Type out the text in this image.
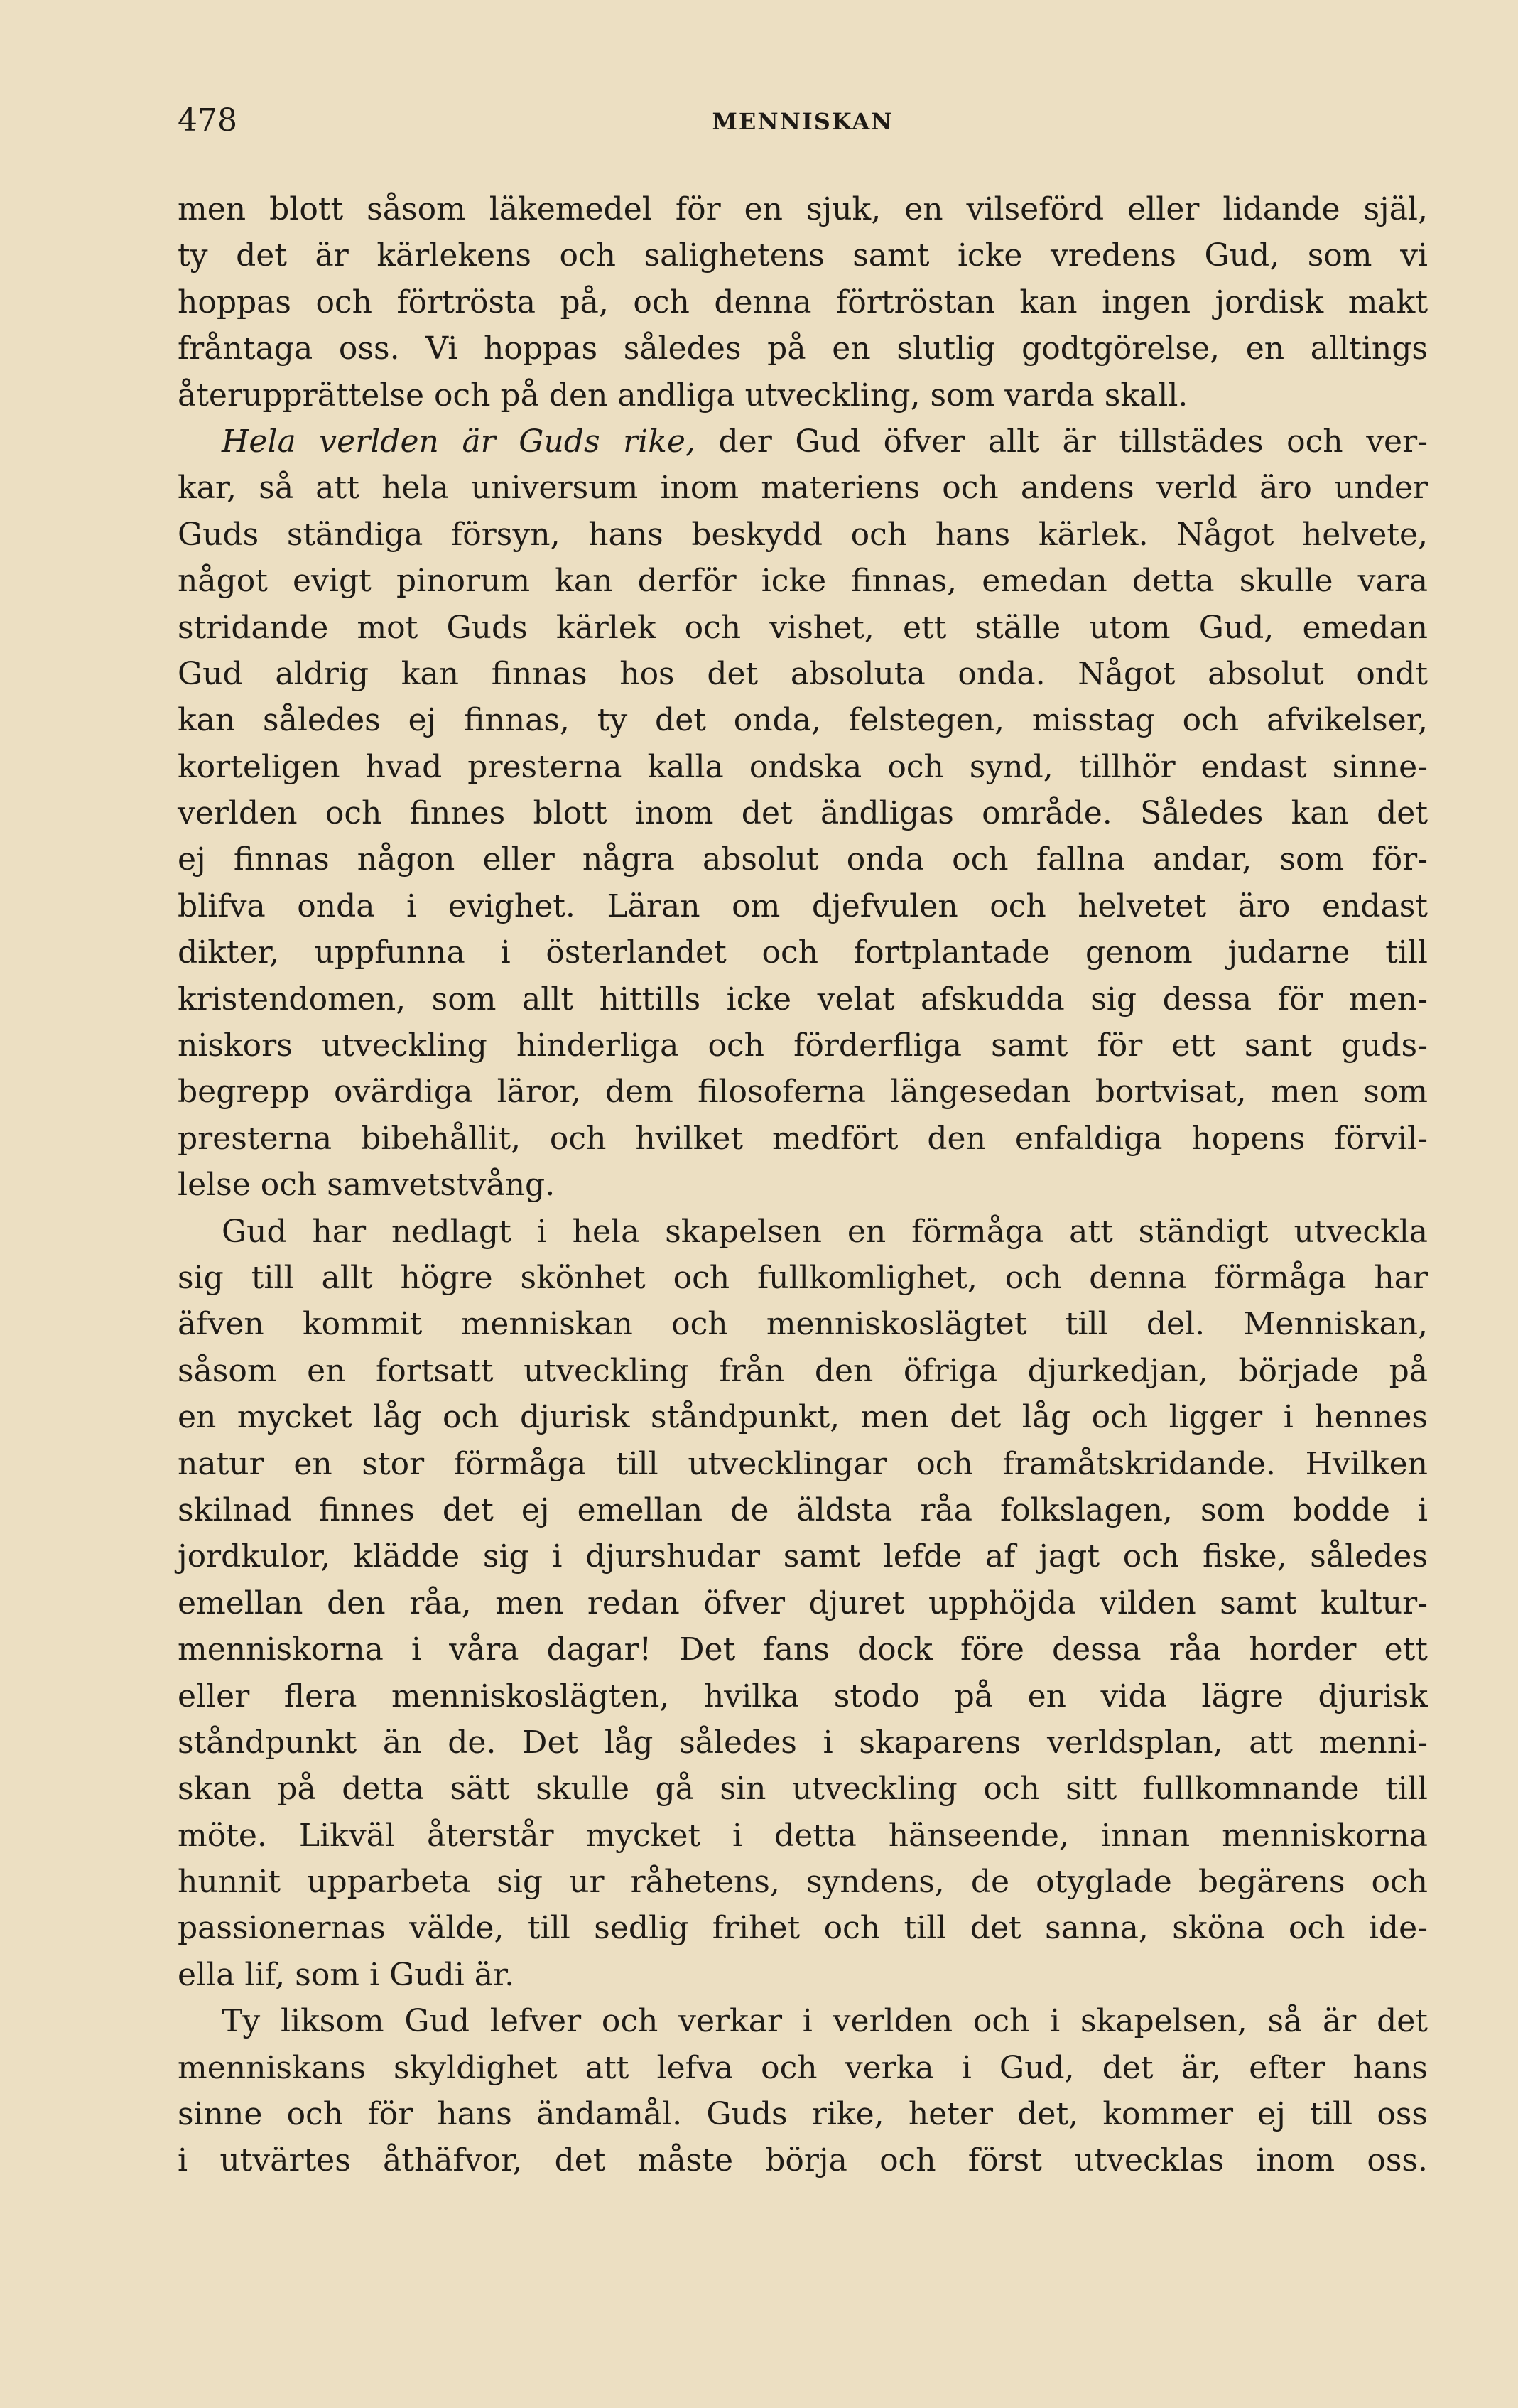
478	MENNISKAN
men blott såsom läkemedel för en sjuk, en vilseförd eller lidande själ,
ty det är kärlekens och salighetens samt icke vredens Gud, som vi
hoppas och förtrösta på, och denna förtröstan kan ingen jordisk makt
fråntaga oss. Vi hoppas således på en slutlig godtgörelse, en alltings
återupprättelse och på den andliga utveckling, som varda skall.
Hela verlden är Guds rike, der Gud öfver allt är tillstädes och ver-
kar, så att hela universum inom materiens och andens verld äro under
Guds ständiga försyn, hans beskydd och hans kärlek. Något helvete,
något evigt pinorum kan derför icke finnas, emedan detta skulle vara
stridande mot Guds kärlek och vishet, ett ställe utom Gud, emedan
Gud aldrig kan finnas hos det absoluta onda. Något absolut ondt
kan således ej finnas, ty det onda, felstegen, misstag och afvikelser,
korteligen hvad presterna kalla ondska och synd, tillhör endast sinne-
verlden och finnes blott inom det ändligas område. Således kan det
ej finnas någon eller några absolut onda och fallna andar, som för-
blifva onda i evighet. Läran om djefvulen och helvetet äro endast
dikter, uppfunna i österlandet och fortplantade genom judarne till
kristendomen, som allt hittills icke velat afskudda sig dessa för men-
niskors utveckling hinderliga och förderfliga samt för ett sant guds-
begrepp ovärdiga läror, dem filosoferna längesedan bortvisat, men som
presterna bibehållit, och hvilket medfört den enfaldiga hopens förvil-
lelse och samvetstvång.
Gud har nedlagt i hela skapelsen en förmåga att ständigt utveckla
sig till allt högre skönhet och fullkomlighet, och denna förmåga har
äfven kommit menniskan och menniskoslägtet till del. Menniskan,
såsom en fortsatt utveckling från den öfriga djurkedjan, började på
en mycket låg och djurisk ståndpunkt, men det låg och ligger i hennes
natur en stor förmåga till utvecklingar och framåtskridande. Hvilken
skilnad finnes det ej emellan de äldsta råa folkslagen, som bodde i
jordkulor, klädde sig i djurshudar samt lefde af jagt och fiske, således
emellan den råa, men redan öfver djuret upphöjda vilden samt kultur-
menniskorna i våra dagar! Det fans dock före dessa råa horder ett
eller flera menniskoslägten, hvilka stodo på en vida lägre djurisk
ståndpunkt än de. Det låg således i skaparens verldsplan, att menni-
skan på detta sätt skulle gå sin utveckling och sitt fullkomnande till
möte. Likväl återstår mycket i detta hänseende, innan menniskorna
hunnit upparbeta sig ur råhetens, syndens, de otyglade begärens och
passionernas välde, till sedlig frihet och till det sanna, sköna och ide-
ella lif, som i Gudi är.
Ty liksom Gud lefver och verkar i verlden och i skapelsen, så är det
menniskans skyldighet att lefva och verka i Gud, det är, efter hans
sinne och för hans ändamål. Guds rike, heter det, kommer ej till oss
i utvärtes åthäfvor, det måste börja och först utvecklas inom oss.
